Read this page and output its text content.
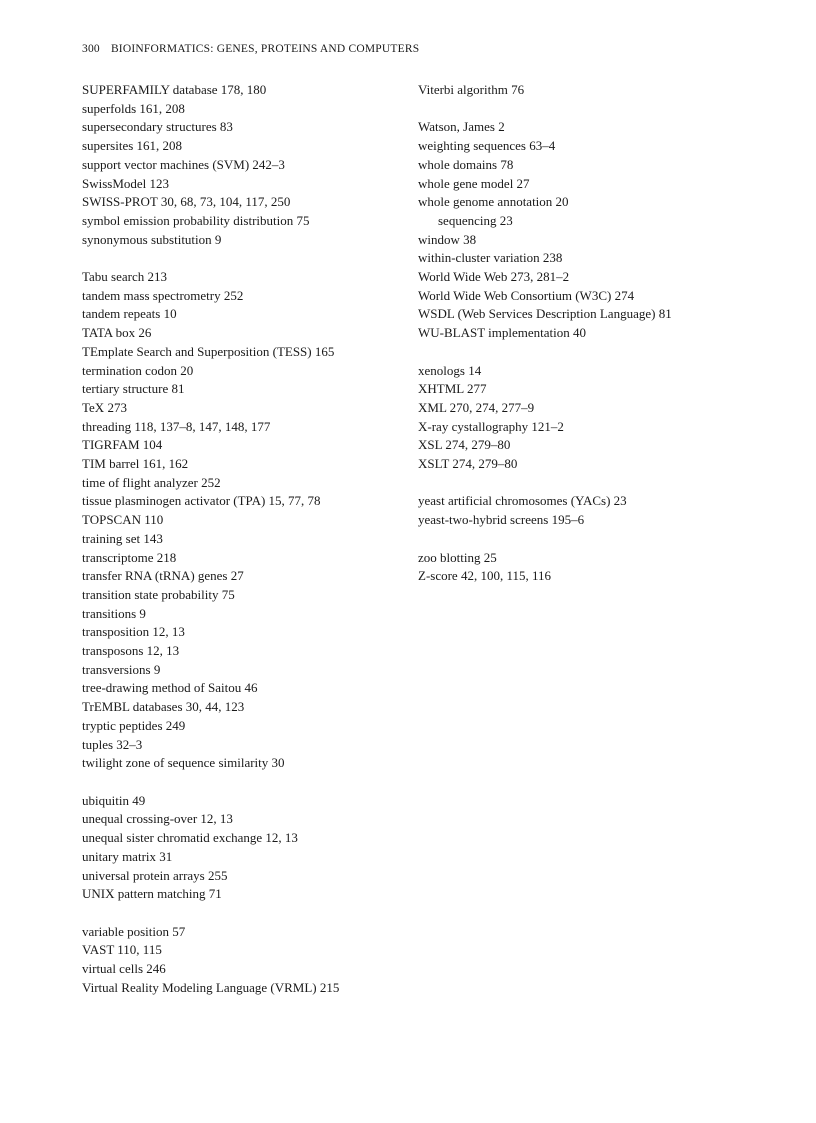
300 BIOINFORMATICS: GENES, PROTEINS AND COMPUTERS
SUPERFAMILY database 178, 180
superfolds 161, 208
supersecondary structures 83
supersites 161, 208
support vector machines (SVM) 242–3
SwissModel 123
SWISS-PROT 30, 68, 73, 104, 117, 250
symbol emission probability distribution 75
synonymous substitution 9
Tabu search 213
tandem mass spectrometry 252
tandem repeats 10
TATA box 26
TEmplate Search and Superposition (TESS) 165
termination codon 20
tertiary structure 81
TeX 273
threading 118, 137–8, 147, 148, 177
TIGRFAM 104
TIM barrel 161, 162
time of flight analyzer 252
tissue plasminogen activator (TPA) 15, 77, 78
TOPSCAN 110
training set 143
transcriptome 218
transfer RNA (tRNA) genes 27
transition state probability 75
transitions 9
transposition 12, 13
transposons 12, 13
transversions 9
tree-drawing method of Saitou 46
TrEMBL databases 30, 44, 123
tryptic peptides 249
tuples 32–3
twilight zone of sequence similarity 30
ubiquitin 49
unequal crossing-over 12, 13
unequal sister chromatid exchange 12, 13
unitary matrix 31
universal protein arrays 255
UNIX pattern matching 71
variable position 57
VAST 110, 115
virtual cells 246
Virtual Reality Modeling Language (VRML) 215
Viterbi algorithm 76
Watson, James 2
weighting sequences 63–4
whole domains 78
whole gene model 27
whole genome annotation 20
sequencing 23
window 38
within-cluster variation 238
World Wide Web 273, 281–2
World Wide Web Consortium (W3C) 274
WSDL (Web Services Description Language) 81
WU-BLAST implementation 40
xenologs 14
XHTML 277
XML 270, 274, 277–9
X-ray cystallography 121–2
XSL 274, 279–80
XSLT 274, 279–80
yeast artificial chromosomes (YACs) 23
yeast-two-hybrid screens 195–6
zoo blotting 25
Z-score 42, 100, 115, 116
